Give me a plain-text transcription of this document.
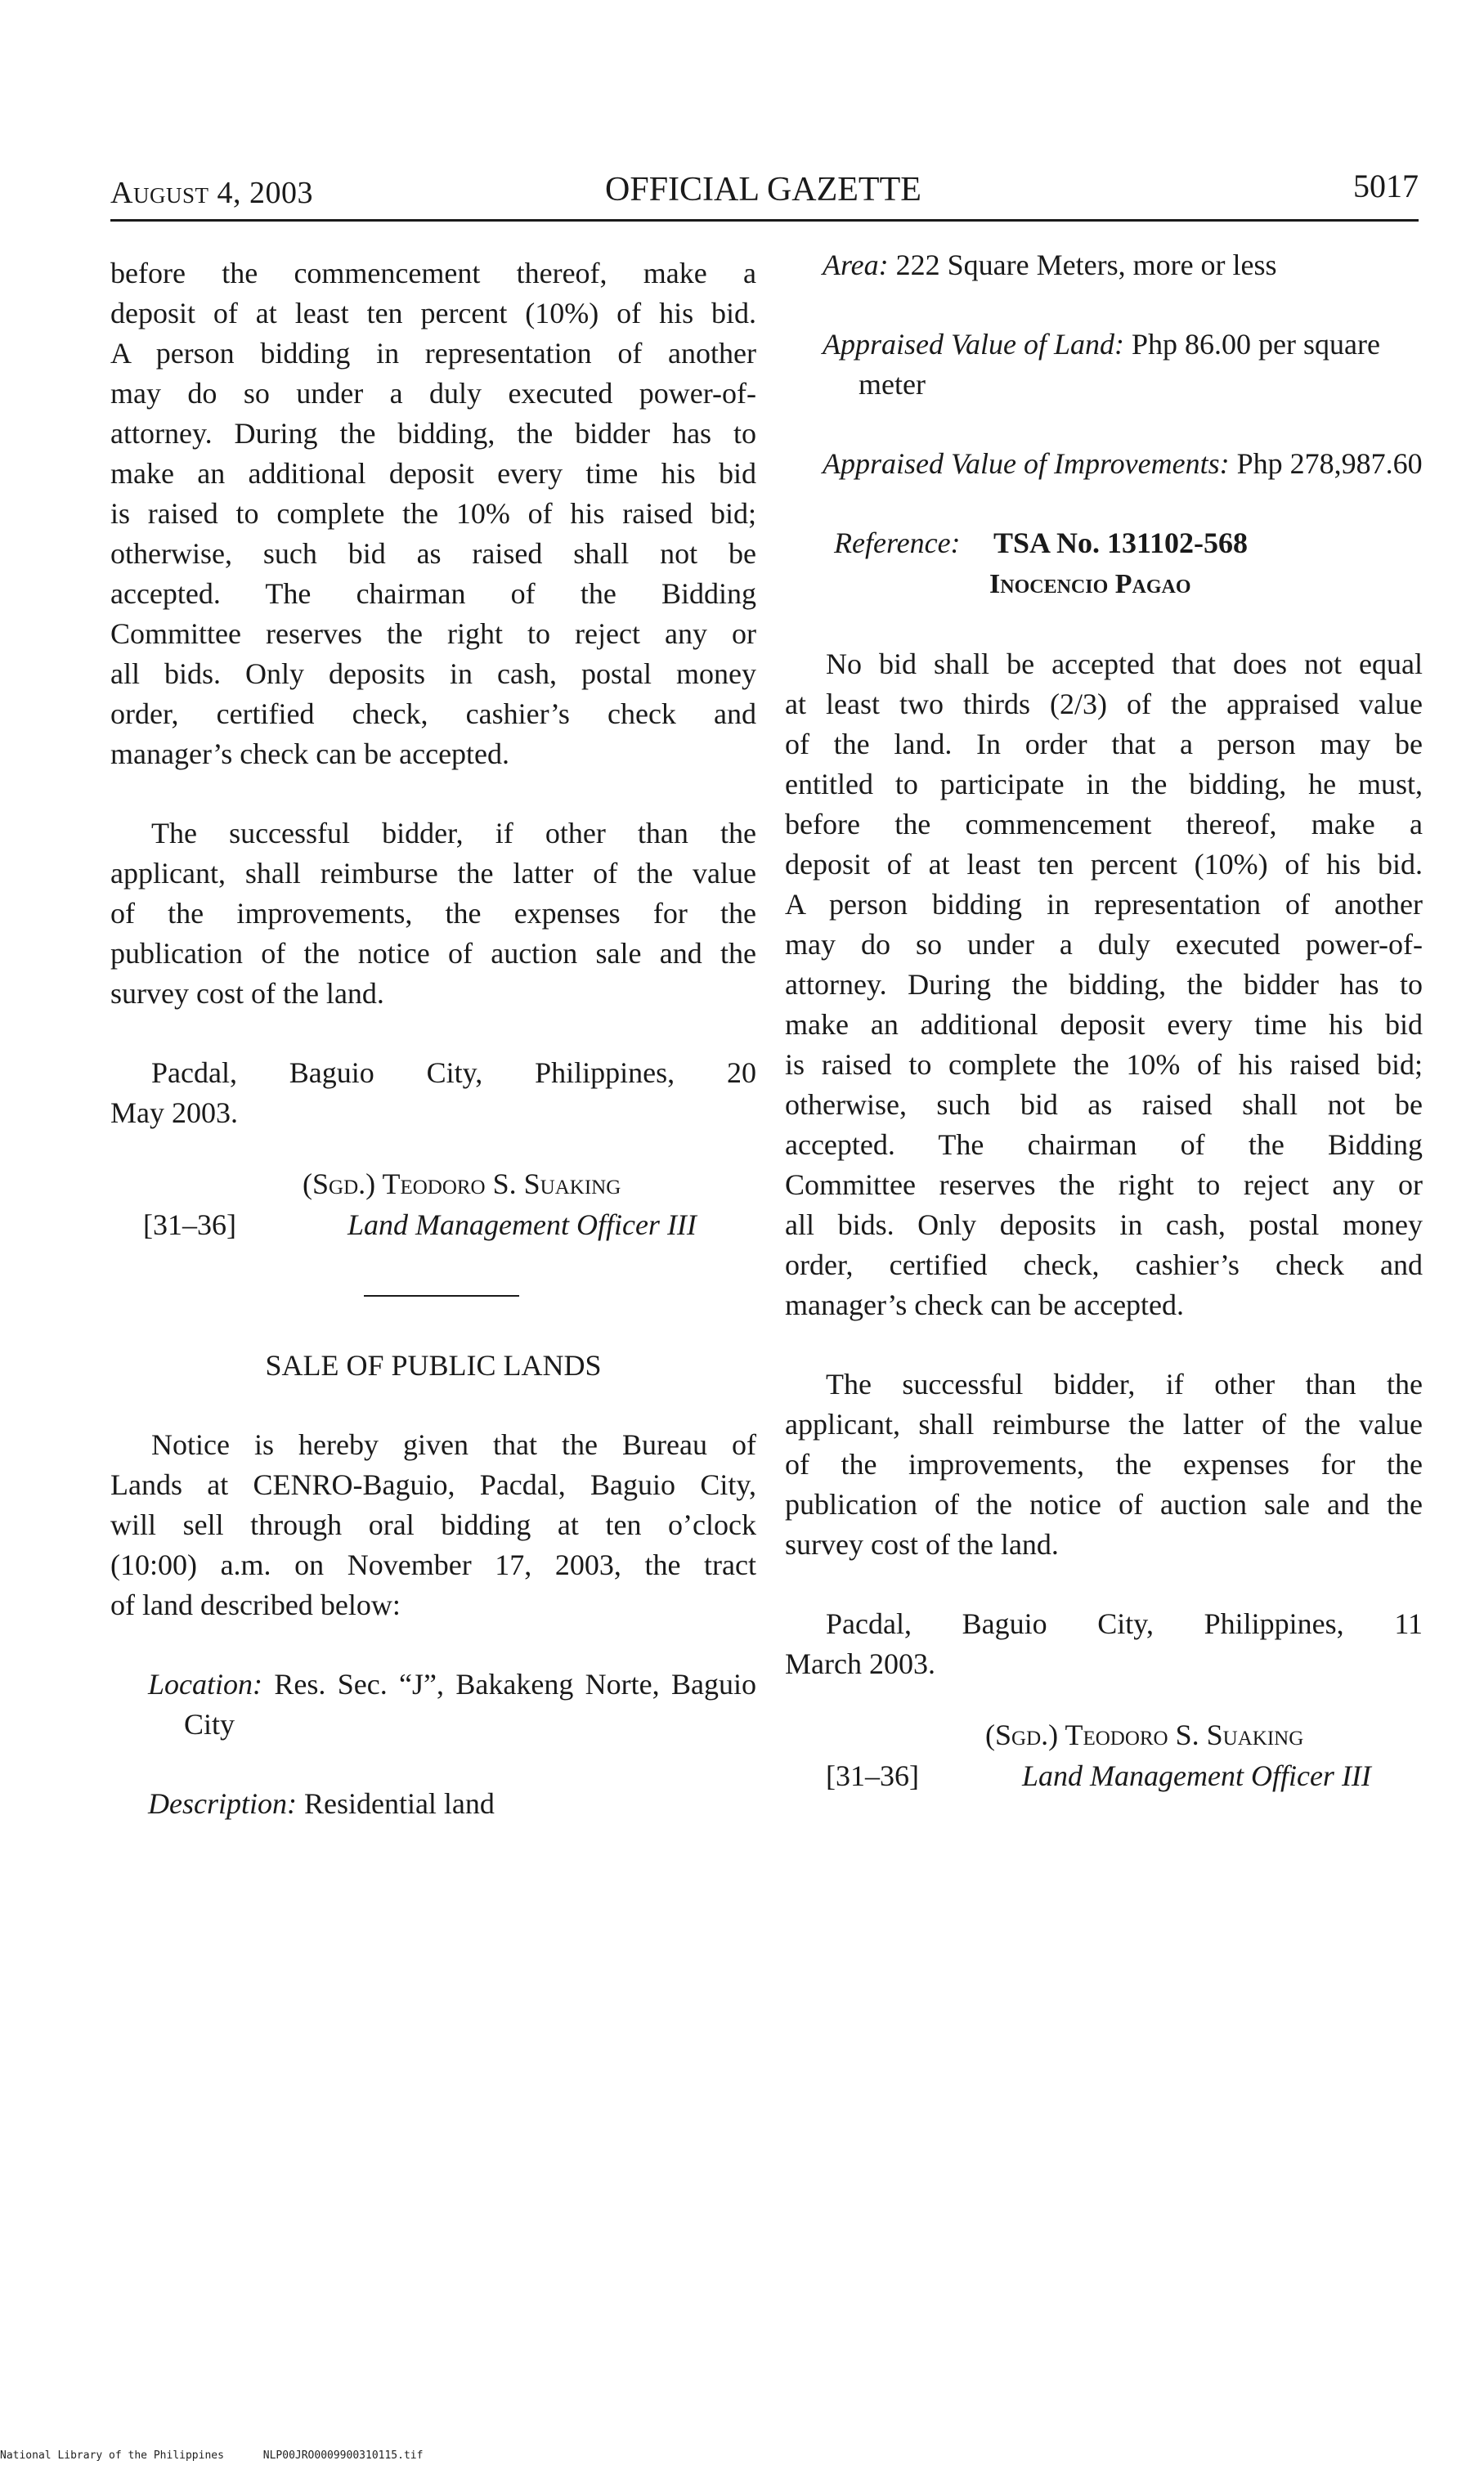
August 4, 2003	OFFICIAL GAZETTE	5017

before the commencement thereof, make a

deposit of at least ten percent (10%) of his bid.

A person bidding in representation of another

may do so under a duly executed power-of-

attorney. During the bidding, the bidder has to

make an additional deposit every time his bid

is raised to complete the 10% of his raised bid;

otherwise, such bid as raised shall not be

accepted. The chairman of the Bidding

Committee reserves the right to reject any or

all bids. Only deposits in cash, postal money

order, certified check, cashier’s check and

manager’s check can be accepted.

The successful bidder, if other than the

applicant, shall reimburse the latter of the value

of the improvements, the expenses for the

publication of the notice of auction sale and the

survey cost of the land.

Pacdal, Baguio City, Philippines, 20

May 2003.

(Sgd.) Teodoro S. Suaking
[31–36]	Land Management Officer III

SALE OF PUBLIC LANDS

Notice is hereby given that the Bureau of

Lands at CENRO-Baguio, Pacdal, Baguio City,

will sell through oral bidding at ten o’clock

(10:00) a.m. on November 17, 2003, the tract

of land described below:

Location: Res. Sec. “J”, Bakakeng Norte, Baguio City

Description: Residential land

Area: 222 Square Meters, more or less

Appraised Value of Land: Php 86.00 per square meter

Appraised Value of Improvements: Php 278,987.60

Reference: TSA No. 131102-568
Inocencio Pagao

No bid shall be accepted that does not equal

at least two thirds (2/3) of the appraised value

of the land. In order that a person may be

entitled to participate in the bidding, he must,

before the commencement thereof, make a

deposit of at least ten percent (10%) of his bid.

A person bidding in representation of another

may do so under a duly executed power-of-

attorney. During the bidding, the bidder has to

make an additional deposit every time his bid

is raised to complete the 10% of his raised bid;

otherwise, such bid as raised shall not be

accepted. The chairman of the Bidding

Committee reserves the right to reject any or

all bids. Only deposits in cash, postal money

order, certified check, cashier’s check and

manager’s check can be accepted.

The successful bidder, if other than the

applicant, shall reimburse the latter of the value

of the improvements, the expenses for the

publication of the notice of auction sale and the

survey cost of the land.

Pacdal, Baguio City, Philippines, 11

March 2003.

(Sgd.) Teodoro S. Suaking
[31–36]	Land Management Officer III
National Library of the Philippines	NLP00JRO0009900310115.tif
